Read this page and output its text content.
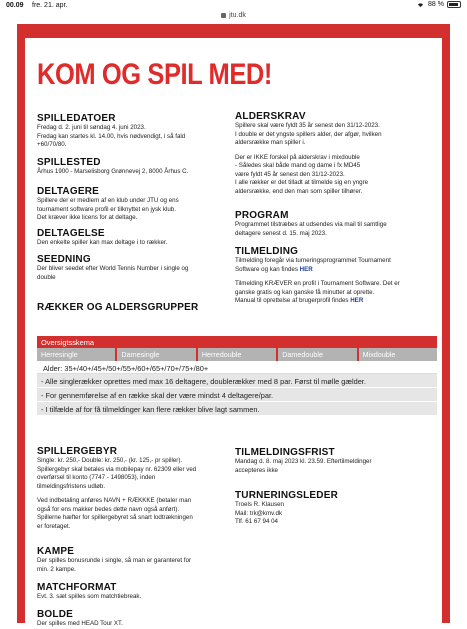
00.09 fre. 21. apr.	88 %
jtu.dk
KOM OG SPIL MED!
SPILLEDATOER

Fredag d. 2. juni til søndag 4. juni 2023.
Fredag kan startes kl. 14.00, hvis nødvendigt, i så fald
+60/70/80.

SPILLESTED

Århus 1900 - Marselisborg Grønnevej 2, 8000 Århus C.

DELTAGERE

Spillere der er medlem af en klub under JTU og ens
tournament software profil er tilknyttet en jysk klub.
Det kræver ikke licens for at deltage.

DELTAGELSE

Den enkelte spiller kan max deltage i to rækker.

SEEDNING

Der bliver seedet efter World Tennis Number i single og
double

RÆKKER OG ALDERSGRUPPER
ALDERSKRAV

Spillere skal være fyldt 35 år senest den 31/12-2023.
I double er det yngste spillers alder, der afgør, hvilken
aldersrække man spiller i.

Der er IKKE forskel på alderskrav i mixdouble
- Således skal både mand og dame i fx MD45
være fyldt 45 år senest den 31/12-2023.
I alle rækker er det tilladt at tilmelde sig en yngre
aldersrække, end den man som spiller tilhører.

PROGRAM

Programmet tilstræbes at udsendes via mail til samtlige
deltagere senest d. 15. maj 2023.

TILMELDING

Tilmelding foregår via turneringsprogrammet Tournament
Software og kan findes HER

Tilmelding KRÆVER en profil i Tournament Software. Det er
ganske gratis og kan ganske få minutter at oprette.
Manual til oprettelse af brugerprofil findes HER

Oversigtsskema
Herresingle	Damesingle	Herredouble	Damedouble	Mixdouble
Alder: 35+/40+/45+/50+/55+/60+/65+/70+/75+/80+
- Alle singlerækker oprettes med max 16 deltagere, doublerækker med 8 par. Først til mølle gælder.
- For gennemførelse af en række skal der være mindst 4 deltagere/par.
- I tilfælde af for få tilmeldinger kan flere rækker blive lagt sammen.
SPILLERGEBYR

Single: kr. 250,- Double: kr. 250,- (kr. 125,- pr spiller).
Spillergebyr skal betales via mobilepay nr. 62309 eller ved
overførsel til konto (7747 - 1498053), inden
tilmeldingsfristens udløb.

Ved indbetaling anføres NAVN + RÆKKKE (betaler man
også for ens makker bedes dette navn også anført).
Spillerne hæfter for spillergebyret så snart lodtrækningen
er foretaget.

KAMPE

Der spilles bonusrunde i single, så man er garanteret for
min. 2 kampe.

MATCHFORMAT

Evt. 3. sæt spilles som matchtiebreak.

BOLDE

Der spilles med HEAD Tour XT.

TILMELDINGSFRIST

Mandag d. 8. maj 2023 kl. 23.59. Eftertilmeldinger
accepteres ikke

TURNERINGSLEDER

Troels R. Klausen
Mail: trk@kmv.dk
Tlf. 61 67 94 04
